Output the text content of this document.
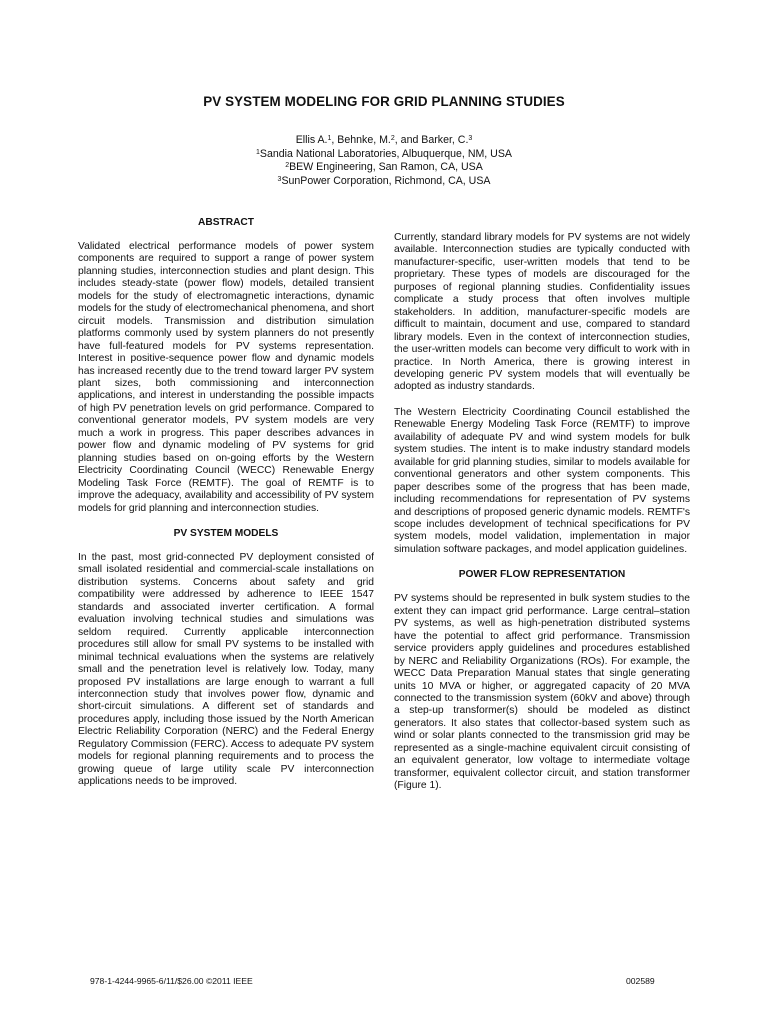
PV SYSTEM MODELING FOR GRID PLANNING STUDIES
Ellis A.$^1$, Behnke, M.$^2$, and Barker, C.$^3$
$^1$Sandia National Laboratories, Albuquerque, NM, USA
$^2$BEW Engineering, San Ramon, CA, USA
$^3$SunPower Corporation, Richmond, CA, USA
ABSTRACT
Validated electrical performance models of power system components are required to support a range of power system planning studies, interconnection studies and plant design. This includes steady-state (power flow) models, detailed transient models for the study of electromagnetic interactions, dynamic models for the study of electromechanical phenomena, and short circuit models. Transmission and distribution simulation platforms commonly used by system planners do not presently have full-featured models for PV systems representation. Interest in positive-sequence power flow and dynamic models has increased recently due to the trend toward larger PV system plant sizes, both commissioning and interconnection applications, and interest in understanding the possible impacts of high PV penetration levels on grid performance. Compared to conventional generator models, PV system models are very much a work in progress. This paper describes advances in power flow and dynamic modeling of PV systems for grid planning studies based on on-going efforts by the Western Electricity Coordinating Council (WECC) Renewable Energy Modeling Task Force (REMTF). The goal of REMTF is to improve the adequacy, availability and accessibility of PV system models for grid planning and interconnection studies.
PV SYSTEM MODELS
In the past, most grid-connected PV deployment consisted of small isolated residential and commercial-scale installations on distribution systems. Concerns about safety and grid compatibility were addressed by adherence to IEEE 1547 standards and associated inverter certification. A formal evaluation involving technical studies and simulations was seldom required. Currently applicable interconnection procedures still allow for small PV systems to be installed with minimal technical evaluations when the systems are relatively small and the penetration level is relatively low. Today, many proposed PV installations are large enough to warrant a full interconnection study that involves power flow, dynamic and short-circuit simulations. A different set of standards and procedures apply, including those issued by the North American Electric Reliability Corporation (NERC) and the Federal Energy Regulatory Commission (FERC). Access to adequate PV system models for regional planning requirements and to process the growing queue of large utility scale PV interconnection applications needs to be improved.
Currently, standard library models for PV systems are not widely available. Interconnection studies are typically conducted with manufacturer-specific, user-written models that tend to be proprietary. These types of models are discouraged for the purposes of regional planning studies. Confidentiality issues complicate a study process that often involves multiple stakeholders. In addition, manufacturer-specific models are difficult to maintain, document and use, compared to standard library models. Even in the context of interconnection studies, the user-written models can become very difficult to work with in practice. In North America, there is growing interest in developing generic PV system models that will eventually be adopted as industry standards.
The Western Electricity Coordinating Council established the Renewable Energy Modeling Task Force (REMTF) to improve availability of adequate PV and wind system models for bulk system studies. The intent is to make industry standard models available for grid planning studies, similar to models available for conventional generators and other system components. This paper describes some of the progress that has been made, including recommendations for representation of PV systems and descriptions of proposed generic dynamic models. REMTF's scope includes development of technical specifications for PV system models, model validation, implementation in major simulation software packages, and model application guidelines.
POWER FLOW REPRESENTATION
PV systems should be represented in bulk system studies to the extent they can impact grid performance. Large central–station PV systems, as well as high-penetration distributed systems have the potential to affect grid performance. Transmission service providers apply guidelines and procedures established by NERC and Reliability Organizations (ROs). For example, the WECC Data Preparation Manual states that single generating units 10 MVA or higher, or aggregated capacity of 20 MVA connected to the transmission system (60kV and above) through a step-up transformer(s) should be modeled as distinct generators. It also states that collector-based system such as wind or solar plants connected to the transmission grid may be represented as a single-machine equivalent circuit consisting of an equivalent generator, low voltage to intermediate voltage transformer, equivalent collector circuit, and station transformer (Figure 1).
978-1-4244-9965-6/11/$26.00 ©2011 IEEE	002589
